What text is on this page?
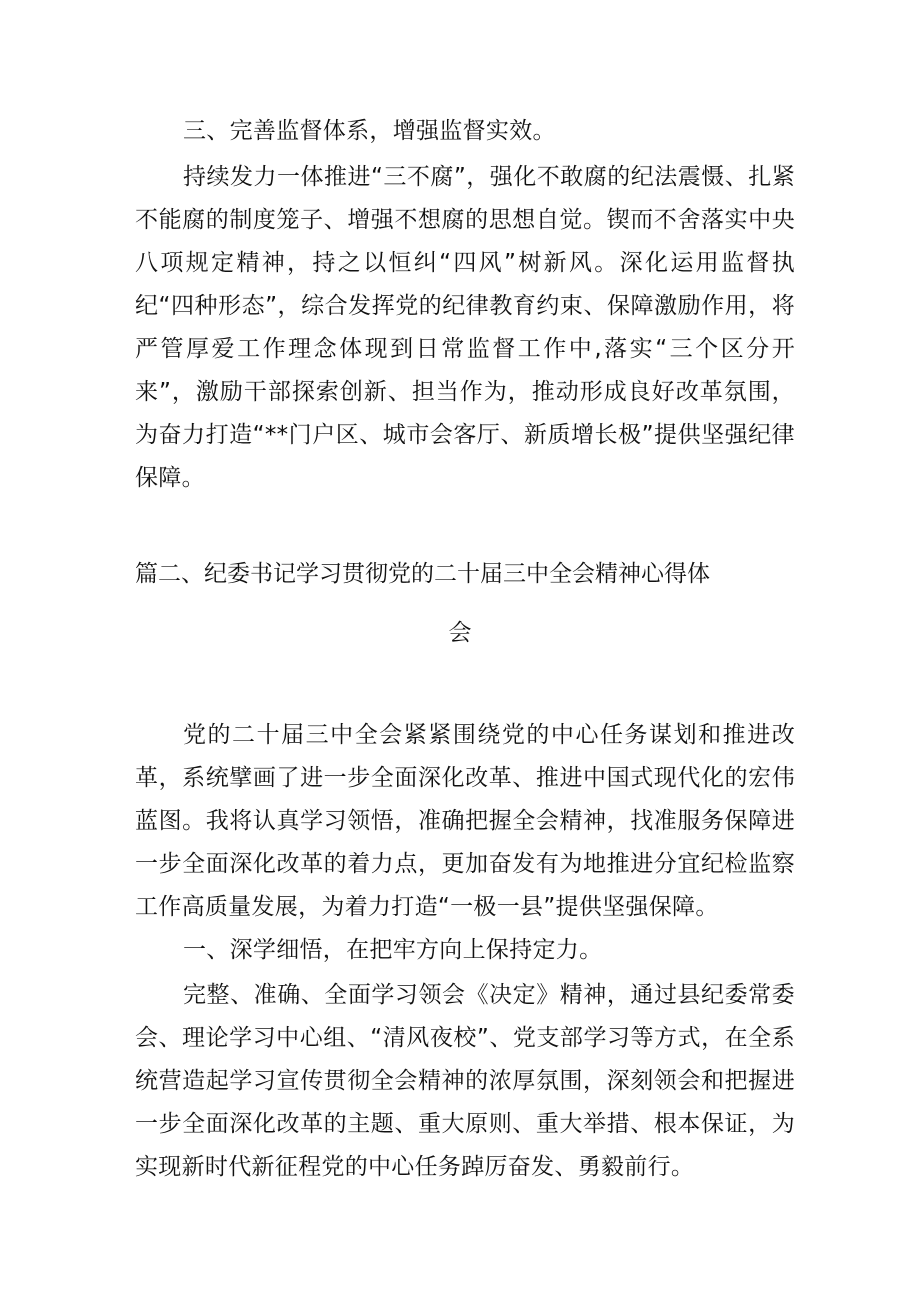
三、完善监督体系，增强监督实效。

持续发力一体推进“三不腐”，强化不敢腐的纪法震慑、扎紧不能腐的制度笼子、增强不想腐的思想自觉。锲而不舍落实中央八项规定精神，持之以恒纠“四风”树新风。深化运用监督执纪“四种形态”，综合发挥党的纪律教育约束、保障激励作用，将严管厚爱工作理念体现到日常监督工作中,落实“三个区分开来”，激励干部探索创新、担当作为，推动形成良好改革氛围，为奋力打造“**门户区、城市会客厅、新质增长极”提供坚强纪律保障。

篇二、纪委书记学习贯彻党的二十届三中全会精神心得体

会

党的二十届三中全会紧紧围绕党的中心任务谋划和推进改革，系统擘画了进一步全面深化改革、推进中国式现代化的宏伟蓝图。我将认真学习领悟，准确把握全会精神，找准服务保障进一步全面深化改革的着力点，更加奋发有为地推进分宜纪检监察工作高质量发展，为着力打造“一极一县”提供坚强保障。

一、深学细悟，在把牢方向上保持定力。

完整、准确、全面学习领会《决定》精神，通过县纪委常委会、理论学习中心组、“清风夜校”、党支部学习等方式，在全系统营造起学习宣传贯彻全会精神的浓厚氛围，深刻领会和把握进一步全面深化改革的主题、重大原则、重大举措、根本保证，为实现新时代新征程党的中心任务踔厉奋发、勇毅前行。
